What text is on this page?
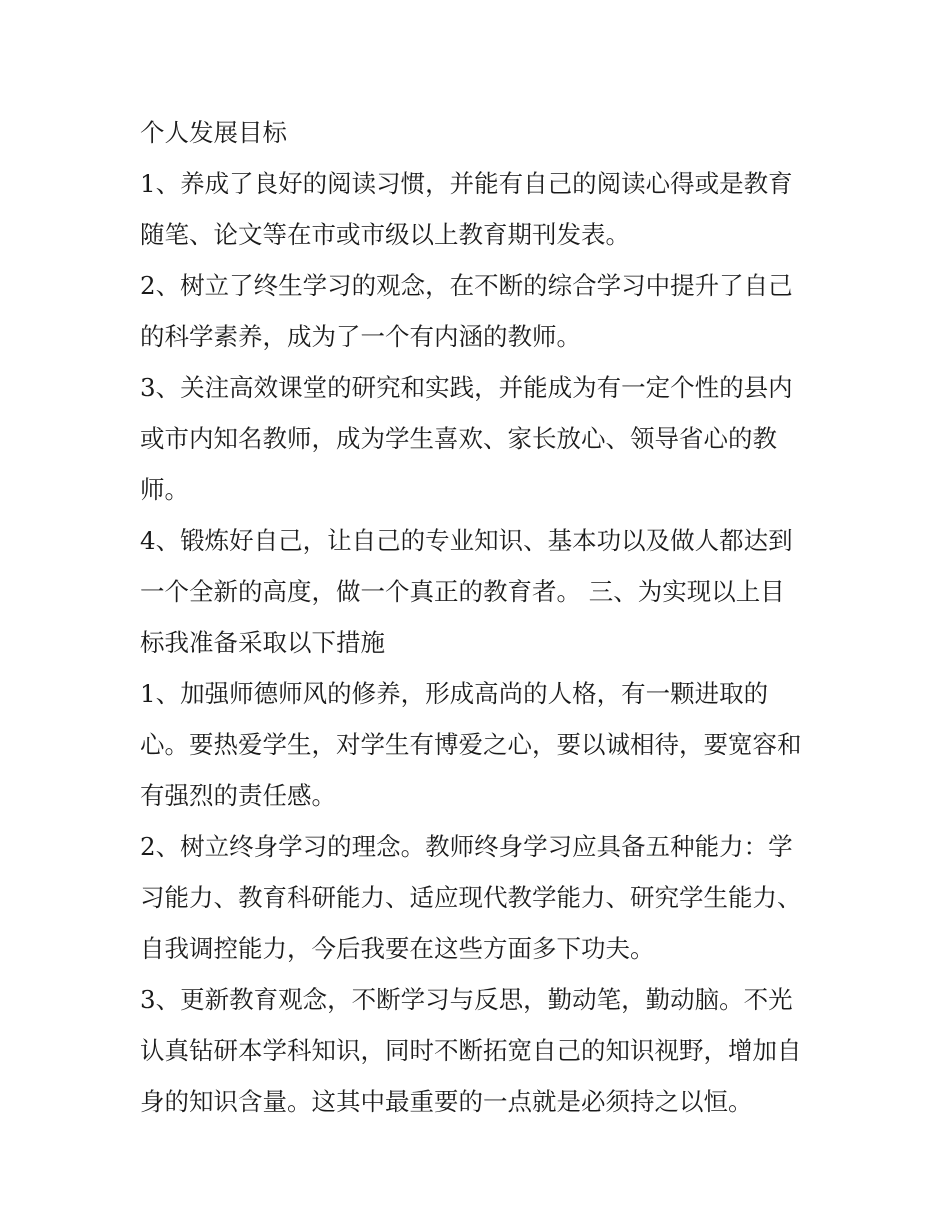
个人发展目标
1、养成了良好的阅读习惯，并能有自己的阅读心得或是教育
随笔、论文等在市或市级以上教育期刊发表。
2、树立了终生学习的观念，在不断的综合学习中提升了自己
的科学素养，成为了一个有内涵的教师。
3、关注高效课堂的研究和实践，并能成为有一定个性的县内
或市内知名教师，成为学生喜欢、家长放心、领导省心的教
师。
4、锻炼好自己，让自己的专业知识、基本功以及做人都达到
一个全新的高度，做一个真正的教育者。 三、为实现以上目
标我准备采取以下措施
1、加强师德师风的修养，形成高尚的人格，有一颗进取的
心。要热爱学生，对学生有博爱之心，要以诚相待，要宽容和
有强烈的责任感。
2、树立终身学习的理念。教师终身学习应具备五种能力：学
习能力、教育科研能力、适应现代教学能力、研究学生能力、
自我调控能力，今后我要在这些方面多下功夫。
3、更新教育观念，不断学习与反思，勤动笔，勤动脑。不光
认真钻研本学科知识，同时不断拓宽自己的知识视野，增加自
身的知识含量。这其中最重要的一点就是必须持之以恒。
